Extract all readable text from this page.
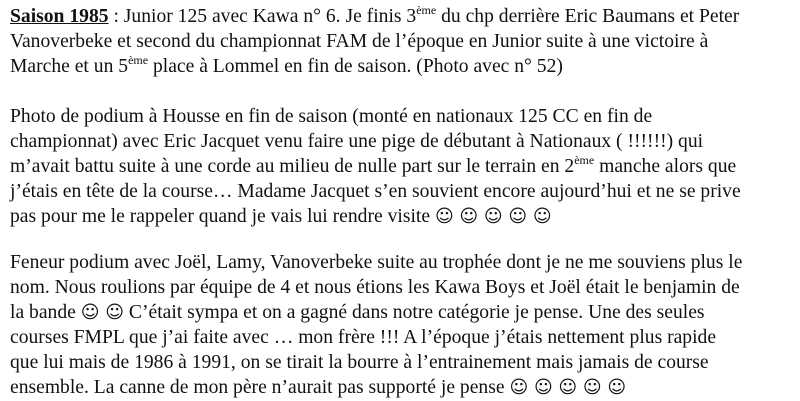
Saison 1985 : Junior 125 avec Kawa n° 6. Je finis 3ème du chp derrière Eric Baumans et Peter
Vanoverbeke et second du championnat FAM de l’époque en Junior suite à une victoire à
Marche et un 5ème place à Lommel en fin de saison. (Photo avec n° 52)

Photo de podium à Housse en fin de saison (monté en nationaux 125 CC en fin de
championnat) avec Eric Jacquet venu faire une pige de débutant à Nationaux ( !!!!!!) qui
m’avait battu suite à une corde au milieu de nulle part sur le terrain en 2ème manche alors que
j’étais en tête de la course… Madame Jacquet s’en souvient encore aujourd’hui et ne se prive
pas pour me le rappeler quand je vais lui rendre visite ☺ ☺ ☺ ☺ ☺

Feneur podium avec Joël, Lamy, Vanoverbeke suite au trophée dont je ne me souviens plus le
nom. Nous roulions par équipe de 4 et nous étions les Kawa Boys et Joël était le benjamin de
la bande ☺ ☺ C’était sympa et on a gagné dans notre catégorie je pense. Une des seules
courses FMPL que j’ai faite avec … mon frère !!! A l’époque j’étais nettement plus rapide
que lui mais de 1986 à 1991, on se tirait la bourre à l’entrainement mais jamais de course
ensemble. La canne de mon père n’aurait pas supporté je pense ☺ ☺ ☺ ☺ ☺
